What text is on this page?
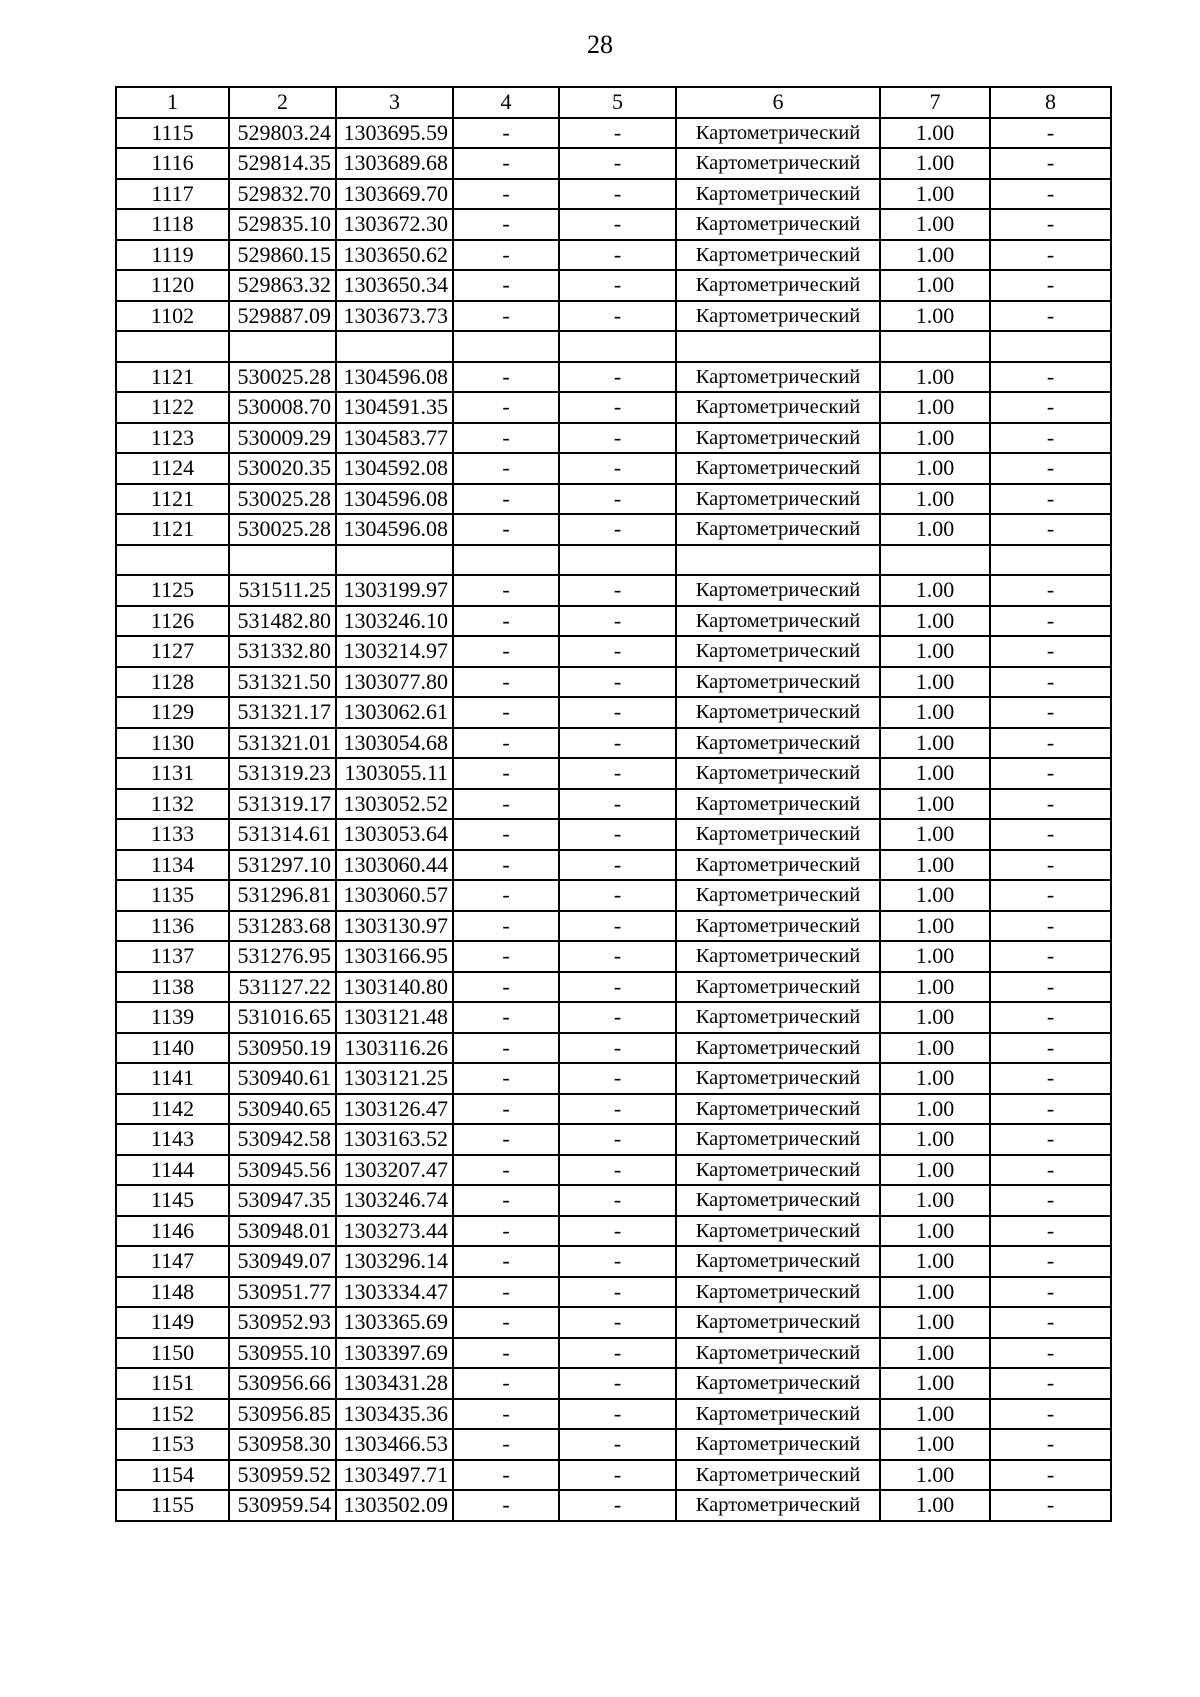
28
1	2	3	4	5	6	7	8
1115	529803.24	1303695.59	-	-	Картометрический	1.00	-
1116	529814.35	1303689.68	-	-	Картометрический	1.00	-
1117	529832.70	1303669.70	-	-	Картометрический	1.00	-
1118	529835.10	1303672.30	-	-	Картометрический	1.00	-
1119	529860.15	1303650.62	-	-	Картометрический	1.00	-
1120	529863.32	1303650.34	-	-	Картометрический	1.00	-
1102	529887.09	1303673.73	-	-	Картометрический	1.00	-

1121	530025.28	1304596.08	-	-	Картометрический	1.00	-
1122	530008.70	1304591.35	-	-	Картометрический	1.00	-
1123	530009.29	1304583.77	-	-	Картометрический	1.00	-
1124	530020.35	1304592.08	-	-	Картометрический	1.00	-
1121	530025.28	1304596.08	-	-	Картометрический	1.00	-
1121	530025.28	1304596.08	-	-	Картометрический	1.00	-

1125	531511.25	1303199.97	-	-	Картометрический	1.00	-
1126	531482.80	1303246.10	-	-	Картометрический	1.00	-
1127	531332.80	1303214.97	-	-	Картометрический	1.00	-
1128	531321.50	1303077.80	-	-	Картометрический	1.00	-
1129	531321.17	1303062.61	-	-	Картометрический	1.00	-
1130	531321.01	1303054.68	-	-	Картометрический	1.00	-
1131	531319.23	1303055.11	-	-	Картометрический	1.00	-
1132	531319.17	1303052.52	-	-	Картометрический	1.00	-
1133	531314.61	1303053.64	-	-	Картометрический	1.00	-
1134	531297.10	1303060.44	-	-	Картометрический	1.00	-
1135	531296.81	1303060.57	-	-	Картометрический	1.00	-
1136	531283.68	1303130.97	-	-	Картометрический	1.00	-
1137	531276.95	1303166.95	-	-	Картометрический	1.00	-
1138	531127.22	1303140.80	-	-	Картометрический	1.00	-
1139	531016.65	1303121.48	-	-	Картометрический	1.00	-
1140	530950.19	1303116.26	-	-	Картометрический	1.00	-
1141	530940.61	1303121.25	-	-	Картометрический	1.00	-
1142	530940.65	1303126.47	-	-	Картометрический	1.00	-
1143	530942.58	1303163.52	-	-	Картометрический	1.00	-
1144	530945.56	1303207.47	-	-	Картометрический	1.00	-
1145	530947.35	1303246.74	-	-	Картометрический	1.00	-
1146	530948.01	1303273.44	-	-	Картометрический	1.00	-
1147	530949.07	1303296.14	-	-	Картометрический	1.00	-
1148	530951.77	1303334.47	-	-	Картометрический	1.00	-
1149	530952.93	1303365.69	-	-	Картометрический	1.00	-
1150	530955.10	1303397.69	-	-	Картометрический	1.00	-
1151	530956.66	1303431.28	-	-	Картометрический	1.00	-
1152	530956.85	1303435.36	-	-	Картометрический	1.00	-
1153	530958.30	1303466.53	-	-	Картометрический	1.00	-
1154	530959.52	1303497.71	-	-	Картометрический	1.00	-
1155	530959.54	1303502.09	-	-	Картометрический	1.00	-
